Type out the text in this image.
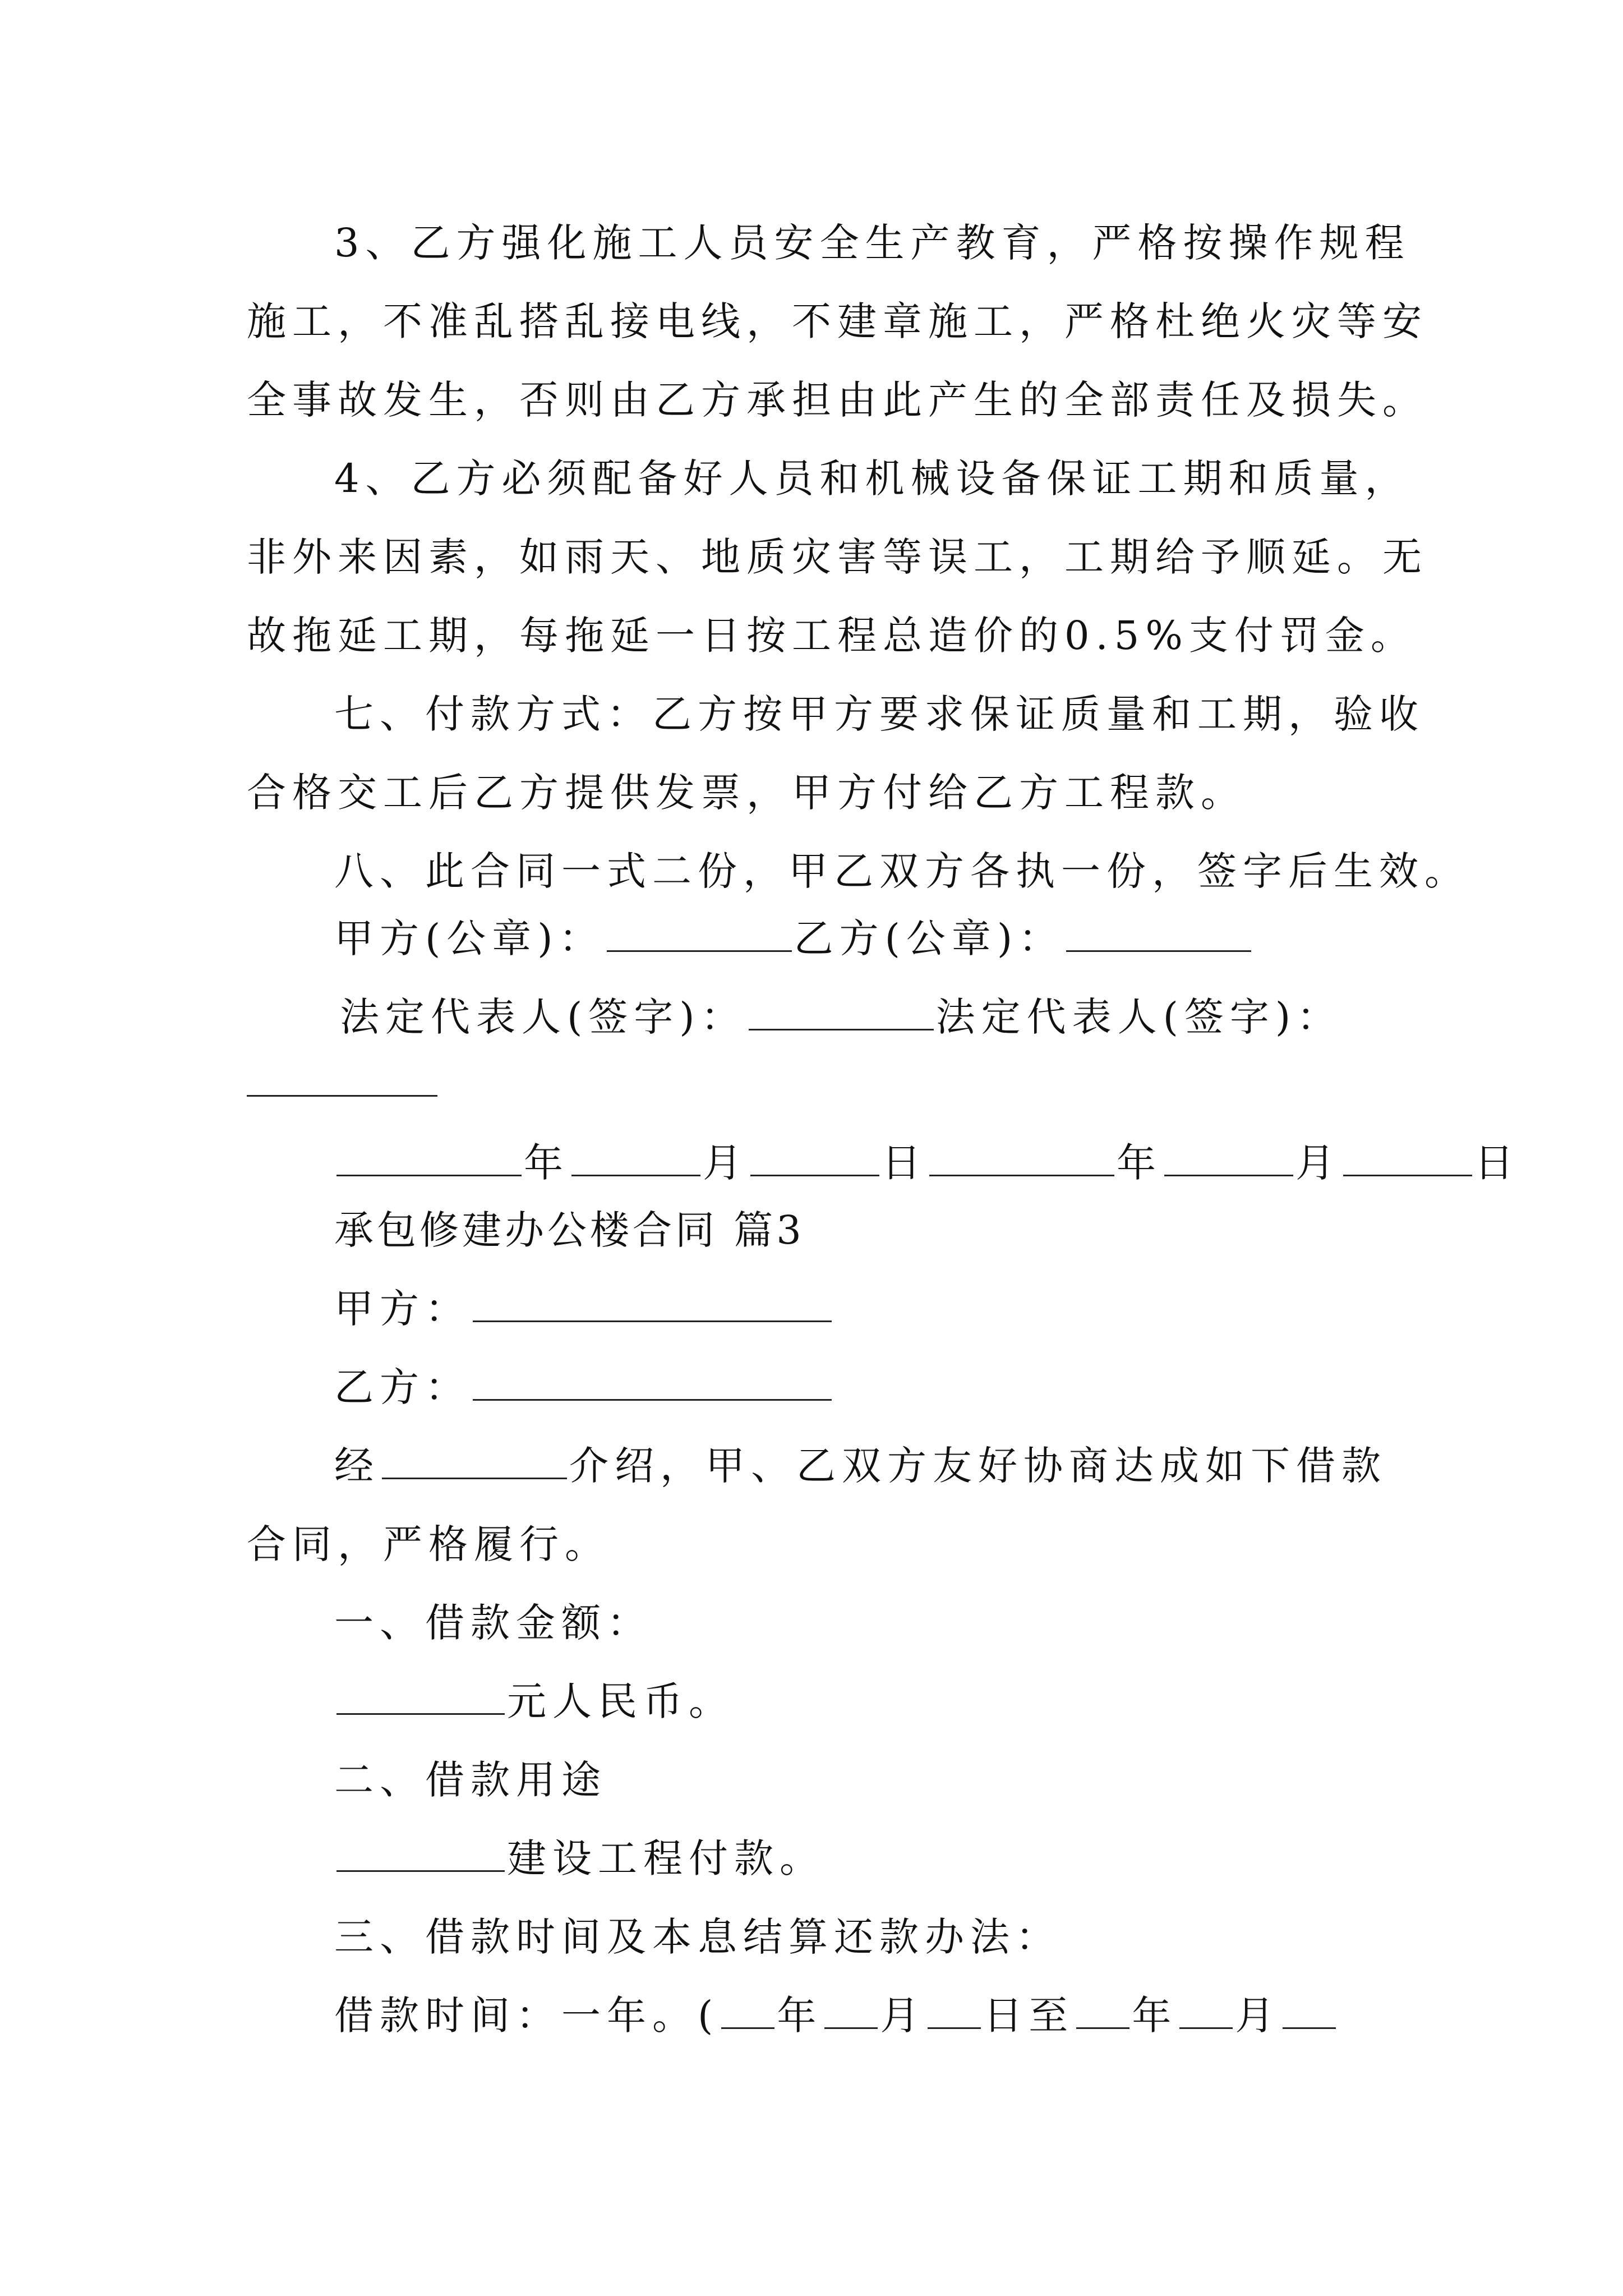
3、乙方强化施工人员安全生产教育，严格按操作规程
施工，不准乱搭乱接电线，不建章施工，严格杜绝火灾等安
全事故发生，否则由乙方承担由此产生的全部责任及损失。
4、乙方必须配备好人员和机械设备保证工期和质量，
非外来因素，如雨天、地质灾害等误工，工期给予顺延。无
故拖延工期，每拖延一日按工程总造价的0.5%支付罚金。
七、付款方式：乙方按甲方要求保证质量和工期，验收
合格交工后乙方提供发票，甲方付给乙方工程款。
八、此合同一式二份，甲乙双方各执一份，签字后生效。
甲方(公章)：	乙方(公章)：
法定代表人(签字)：	法定代表人(签字)：
年	月	日	年	月	日
承包修建办公楼合同 篇3
甲方：
乙方：
经	介绍，甲、乙双方友好协商达成如下借款
合同，严格履行。
一、借款金额：
元人民币。
二、借款用途
建设工程付款。
三、借款时间及本息结算还款办法：
借款时间：一年。( 年 月 日至 年 月
